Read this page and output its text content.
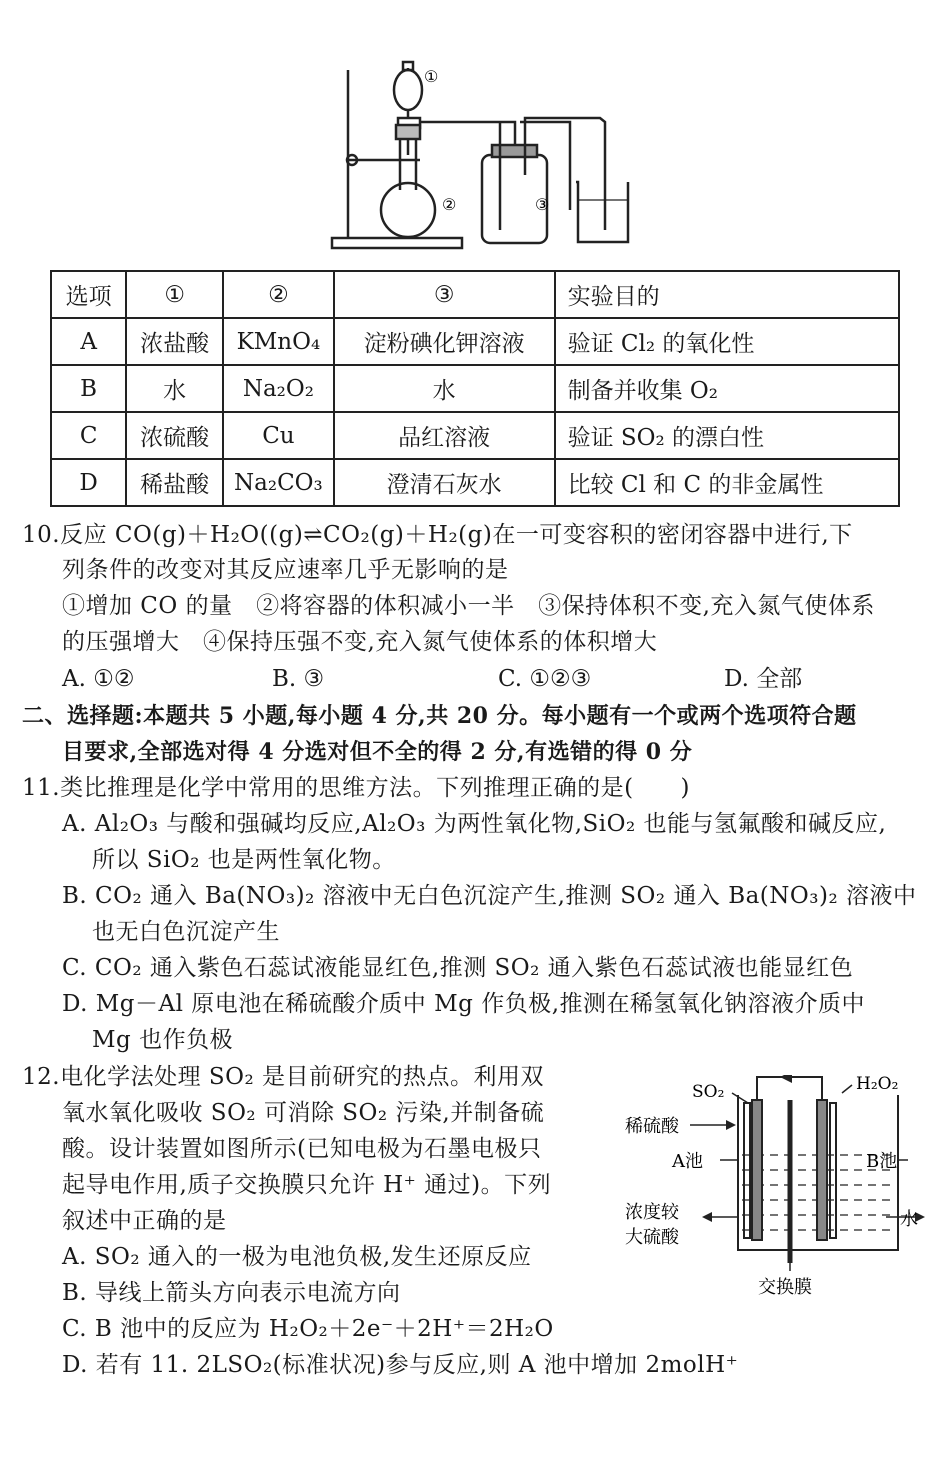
①
②	③
选项	①	②	③	实验目的
A	浓盐酸	KMnO₄	淀粉碘化钾溶液	验证 Cl₂ 的氧化性
B	水	Na₂O₂	水	制备并收集 O₂
C	浓硫酸	Cu	品红溶液	验证 SO₂ 的漂白性
D	稀盐酸	Na₂CO₃	澄清石灰水	比较 Cl 和 C 的非金属性
10.反应 CO(g)＋H₂O((g)⇌CO₂(g)＋H₂(g)在一可变容积的密闭容器中进行,下
列条件的改变对其反应速率几乎无影响的是
①增加 CO 的量　②将容器的体积减小一半　③保持体积不变,充入氮气使体系
的压强增大　④保持压强不变,充入氮气使体系的体积增大
A. ①②	B. ③	C. ①②③	D. 全部
二、选择题:本题共 5 小题,每小题 4 分,共 20 分。每小题有一个或两个选项符合题
目要求,全部选对得 4 分选对但不全的得 2 分,有选错的得 0 分
11.类比推理是化学中常用的思维方法。下列推理正确的是(　　)
A. Al₂O₃ 与酸和强碱均反应,Al₂O₃ 为两性氧化物,SiO₂ 也能与氢氟酸和碱反应,
所以 SiO₂ 也是两性氧化物。
B. CO₂ 通入 Ba(NO₃)₂ 溶液中无白色沉淀产生,推测 SO₂ 通入 Ba(NO₃)₂ 溶液中
也无白色沉淀产生
C. CO₂ 通入紫色石蕊试液能显红色,推测 SO₂ 通入紫色石蕊试液也能显红色
D. Mg－Al 原电池在稀硫酸介质中 Mg 作负极,推测在稀氢氧化钠溶液介质中
Mg 也作负极
12.电化学法处理 SO₂ 是目前研究的热点。利用双
氧水氧化吸收 SO₂ 可消除 SO₂ 污染,并制备硫
酸。设计装置如图所示(已知电极为石墨电极只
起导电作用,质子交换膜只允许 H⁺ 通过)。下列
叙述中正确的是
A. SO₂ 通入的一极为电池负极,发生还原反应
B. 导线上箭头方向表示电流方向
C. B 池中的反应为 H₂O₂＋2e⁻＋2H⁺＝2H₂O
D. 若有 11. 2LSO₂(标准状况)参与反应,则 A 池中增加 2molH⁺
SO₂	H₂O₂
稀硫酸
A池	B池
浓度较
大硫酸
水
交换膜
